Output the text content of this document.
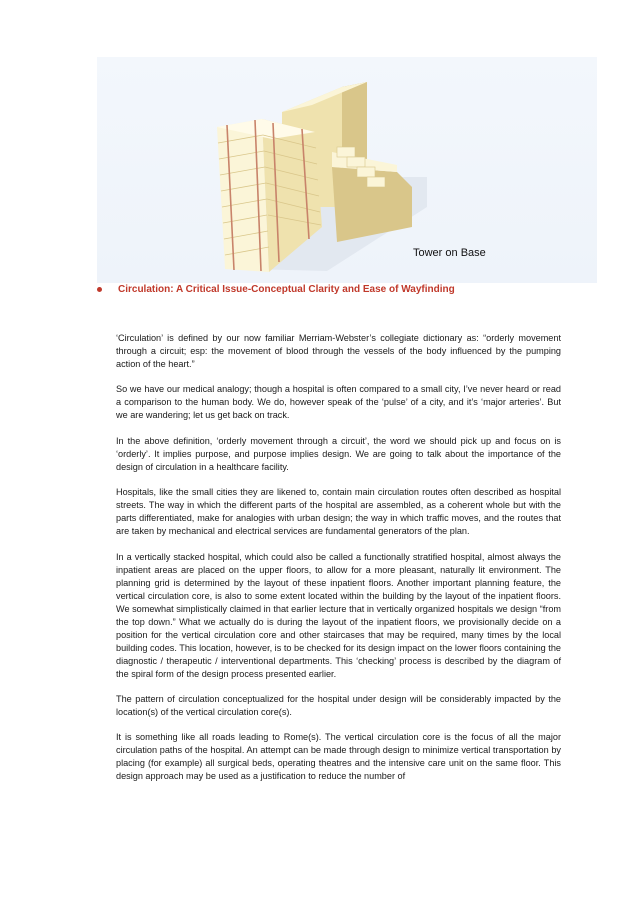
Tower on Base
Circulation: A Critical Issue-Conceptual Clarity and Ease of Wayfinding

‘Circulation’ is defined by our now familiar Merriam-Webster’s collegiate dictionary as: “orderly movement through a circuit; esp: the movement of blood through the vessels of the body influenced by the pumping action of the heart.”

So we have our medical analogy; though a hospital is often compared to a small city, I’ve never heard or read a comparison to the human body. We do, however speak of the ‘pulse’ of a city, and it’s ‘major arteries’. But we are wandering; let us get back on track.

In the above definition, ‘orderly movement through a circuit’, the word we should pick up and focus on is ‘orderly’. It implies purpose, and purpose implies design. We are going to talk about the importance of the design of circulation in a healthcare facility.

Hospitals, like the small cities they are likened to, contain main circulation routes often described as hospital streets. The way in which the different parts of the hospital are assembled, as a coherent whole but with the parts differentiated, make for analogies with urban design; the way in which traffic moves, and the routes that are taken by mechanical and electrical services are fundamental generators of the plan.

In a vertically stacked hospital, which could also be called a functionally stratified hospital, almost always the inpatient areas are placed on the upper floors, to allow for a more pleasant, naturally lit environment. The planning grid is determined by the layout of these inpatient floors. Another important planning feature, the vertical circulation core, is also to some extent located within the building by the layout of the inpatient floors. We somewhat simplistically claimed in that earlier lecture that in vertically organized hospitals we design “from the top down.” What we actually do is during the layout of the inpatient floors, we provisionally decide on a position for the vertical circulation core and other staircases that may be required, many times by the local building codes. This location, however, is to be checked for its design impact on the lower floors containing the diagnostic / therapeutic / interventional departments. This ‘checking’ process is described by the diagram of the spiral form of the design process presented earlier.

The pattern of circulation conceptualized for the hospital under design will be considerably impacted by the location(s) of the vertical circulation core(s).

It is something like all roads leading to Rome(s). The vertical circulation core is the focus of all the major circulation paths of the hospital. An attempt can be made through design to minimize vertical transportation by placing (for example) all surgical beds, operating theatres and the intensive care unit on the same floor. This design approach may be used as a justification to reduce the number of
